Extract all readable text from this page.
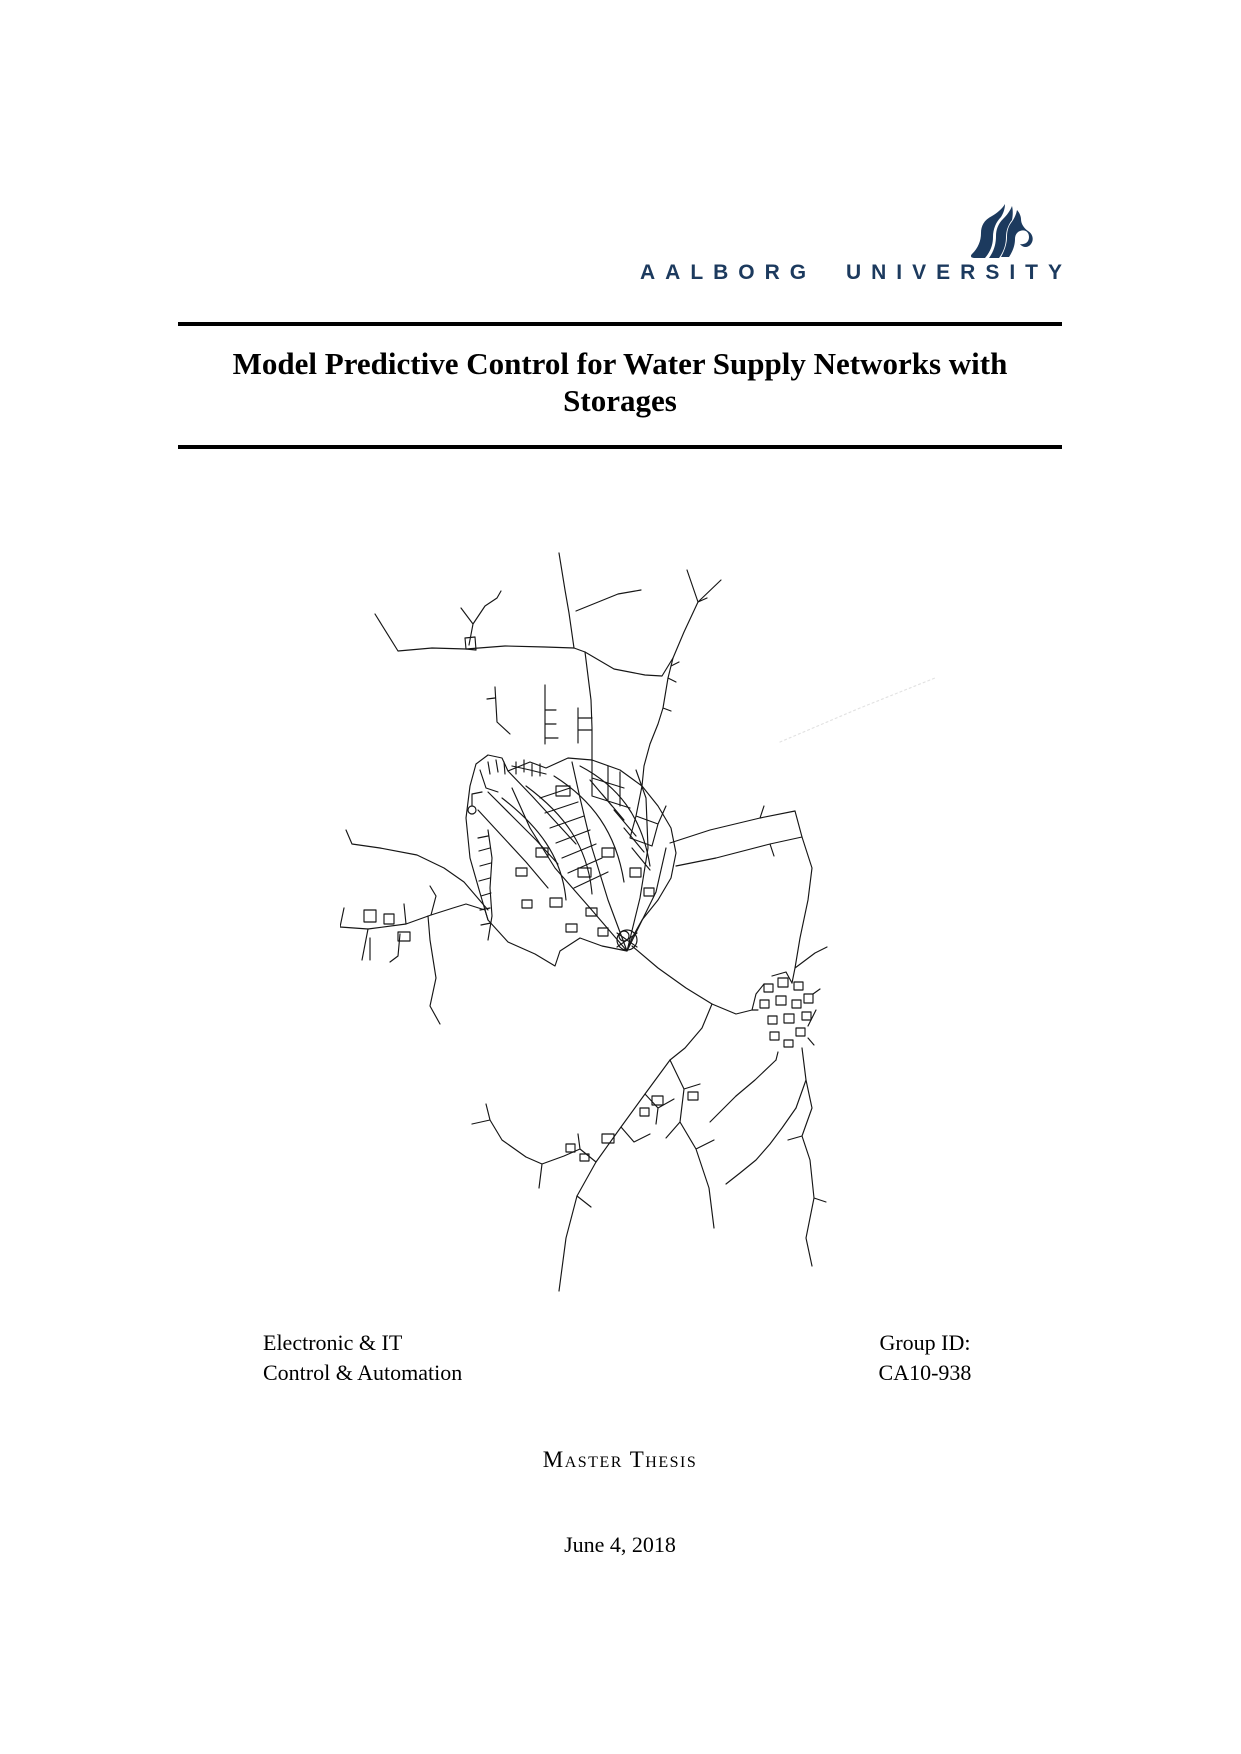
AALBORG UNIVERSITY
Model Predictive Control for Water Supply Networks with Storages
Electronic & IT
Control & Automation
Group ID:
CA10-938
Master Thesis
June 4, 2018
